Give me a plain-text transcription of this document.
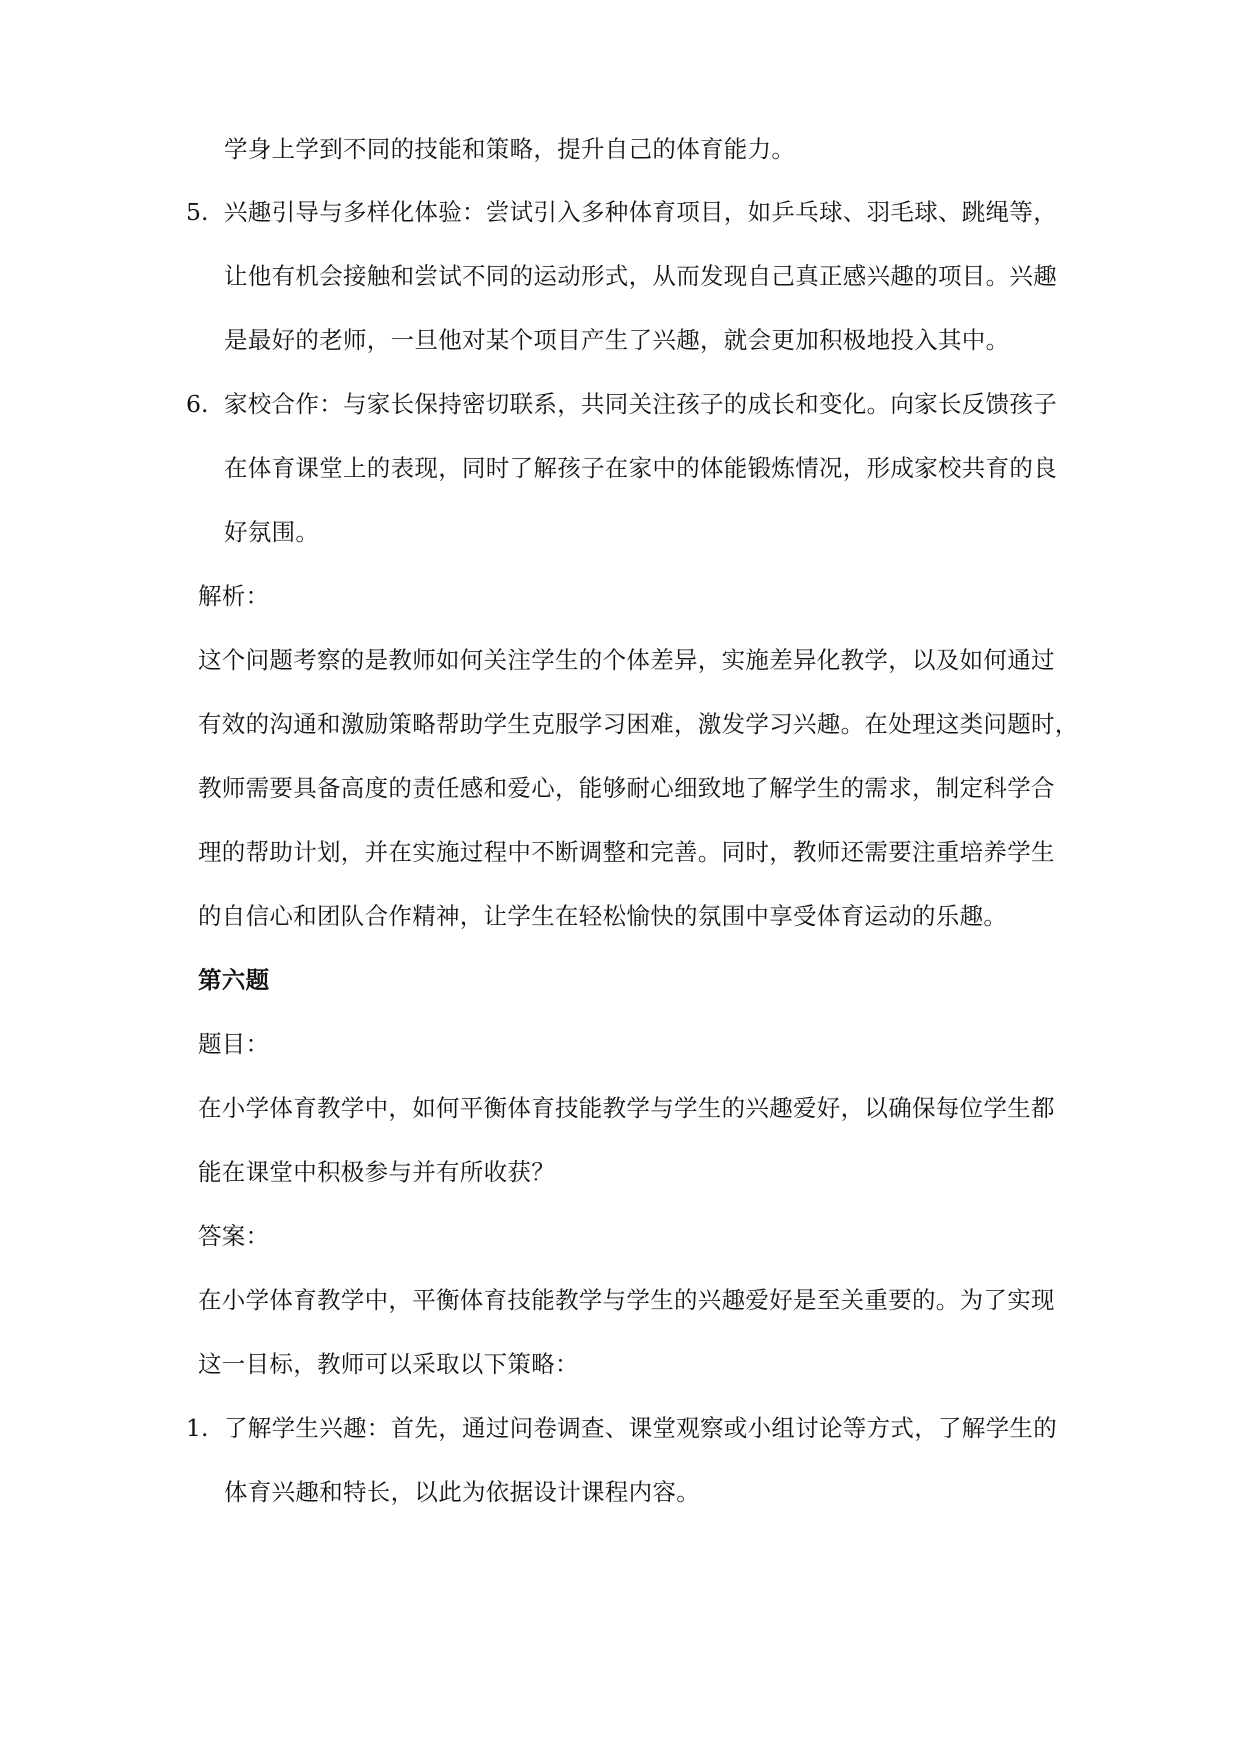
学身上学到不同的技能和策略，提升自己的体育能力。
5. 兴趣引导与多样化体验：尝试引入多种体育项目，如乒乓球、羽毛球、跳绳等，
让他有机会接触和尝试不同的运动形式，从而发现自己真正感兴趣的项目。兴趣
是最好的老师，一旦他对某个项目产生了兴趣，就会更加积极地投入其中。
6. 家校合作：与家长保持密切联系，共同关注孩子的成长和变化。向家长反馈孩子
在体育课堂上的表现，同时了解孩子在家中的体能锻炼情况，形成家校共育的良
好氛围。
解析：
这个问题考察的是教师如何关注学生的个体差异，实施差异化教学，以及如何通过
有效的沟通和激励策略帮助学生克服学习困难，激发学习兴趣。在处理这类问题时，
教师需要具备高度的责任感和爱心，能够耐心细致地了解学生的需求，制定科学合
理的帮助计划，并在实施过程中不断调整和完善。同时，教师还需要注重培养学生
的自信心和团队合作精神，让学生在轻松愉快的氛围中享受体育运动的乐趣。
第六题
题目：
在小学体育教学中，如何平衡体育技能教学与学生的兴趣爱好，以确保每位学生都
能在课堂中积极参与并有所收获？
答案：
在小学体育教学中，平衡体育技能教学与学生的兴趣爱好是至关重要的。为了实现
这一目标，教师可以采取以下策略：
1. 了解学生兴趣：首先，通过问卷调查、课堂观察或小组讨论等方式，了解学生的
体育兴趣和特长，以此为依据设计课程内容。
